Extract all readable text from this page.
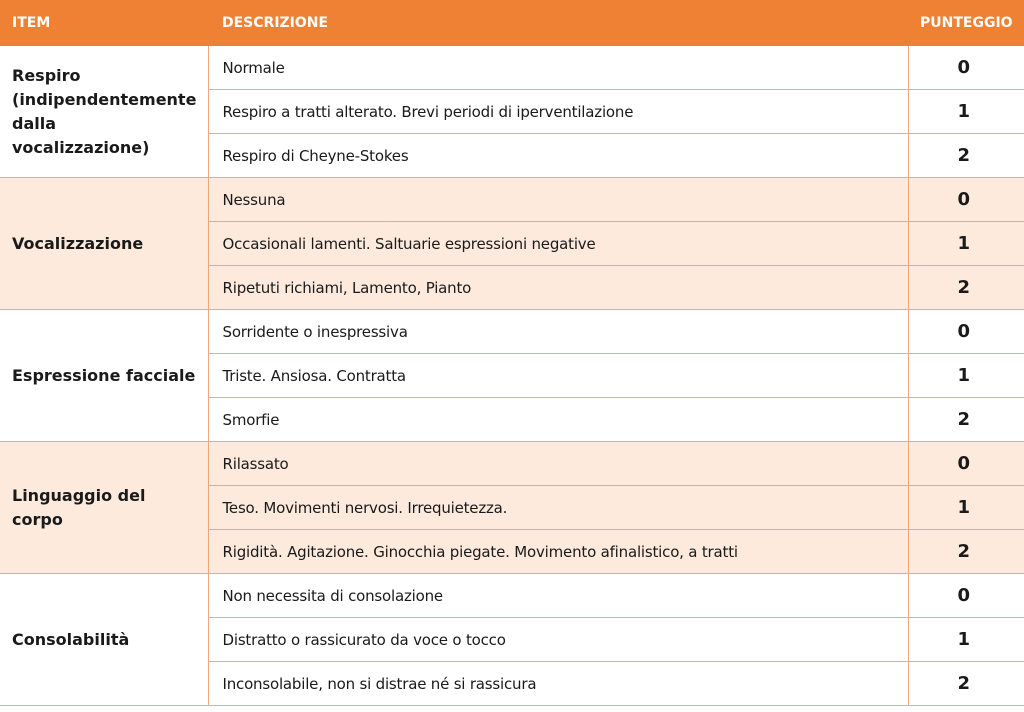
ITEM	DESCRIZIONE	PUNTEGGIO
Respiro (indipendentemente dalla vocalizzazione)	Normale	0
	Respiro a tratti alterato. Brevi periodi di iperventilazione	1
	Respiro di Cheyne-Stokes	2
Vocalizzazione	Nessuna	0
	Occasionali lamenti. Saltuarie espressioni negative	1
	Ripetuti richiami, Lamento, Pianto	2
Espressione facciale	Sorridente o inespressiva	0
	Triste. Ansiosa. Contratta	1
	Smorfie	2
Linguaggio del corpo	Rilassato	0
	Teso. Movimenti nervosi. Irrequietezza.	1
	Rigidità. Agitazione. Ginocchia piegate. Movimento afinalistico, a tratti	2
Consolabilità	Non necessita di consolazione	0
	Distratto o rassicurato da voce o tocco	1
	Inconsolabile, non si distrae né si rassicura	2
